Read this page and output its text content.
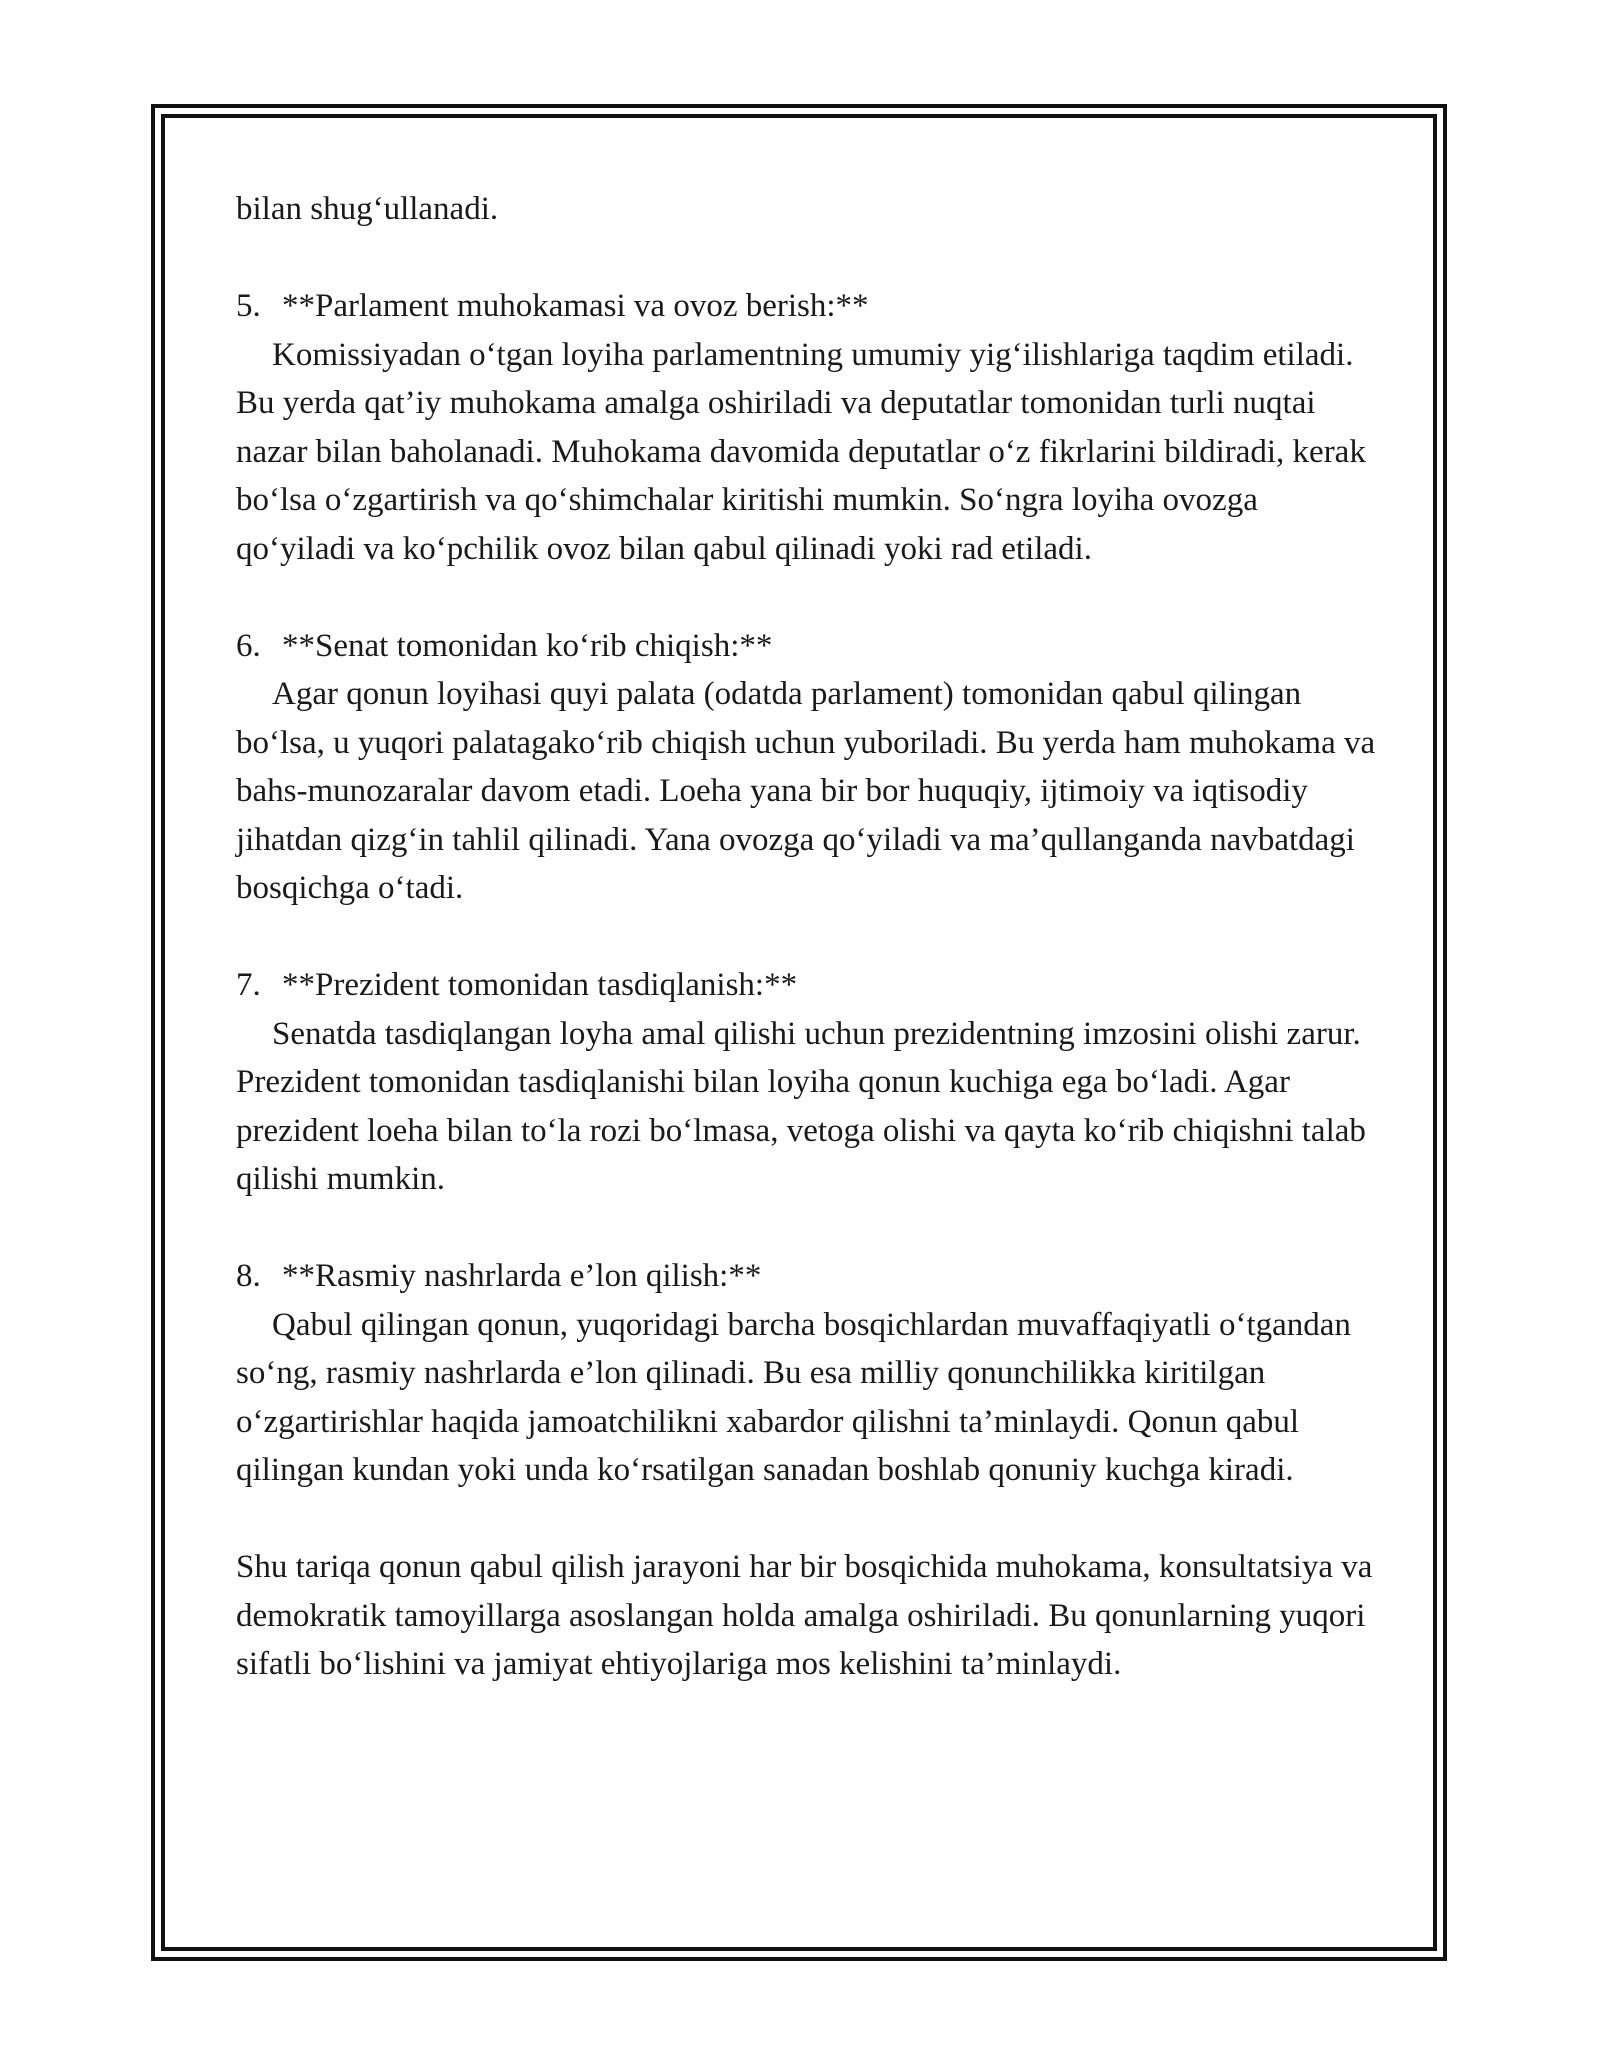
bilan shug‘ullanadi.

5. **Parlament muhokamasi va ovoz berish:**

Komissiyadan o‘tgan loyiha parlamentning umumiy yig‘ilishlariga taqdim etiladi. Bu yerda qat’iy muhokama amalga oshiriladi va deputatlar tomonidan turli nuqtai nazar bilan baholanadi. Muhokama davomida deputatlar o‘z fikrlarini bildiradi, kerak bo‘lsa o‘zgartirish va qo‘shimchalar kiritishi mumkin. So‘ngra loyiha ovozga qo‘yiladi va ko‘pchilik ovoz bilan qabul qilinadi yoki rad etiladi.

6. **Senat tomonidan ko‘rib chiqish:**

Agar qonun loyihasi quyi palata (odatda parlament) tomonidan qabul qilingan bo‘lsa, u yuqori palatagako‘rib chiqish uchun yuboriladi. Bu yerda ham muhokama va bahs-munozaralar davom etadi. Loeha yana bir bor huquqiy, ijtimoiy va iqtisodiy jihatdan qizg‘in tahlil qilinadi. Yana ovozga qo‘yiladi va ma’qullanganda navbatdagi bosqichga o‘tadi.

7. **Prezident tomonidan tasdiqlanish:**

Senatda tasdiqlangan loyha amal qilishi uchun prezidentning imzosini olishi zarur. Prezident tomonidan tasdiqlanishi bilan loyiha qonun kuchiga ega bo‘ladi. Agar prezident loeha bilan to‘la rozi bo‘lmasa, vetoga olishi va qayta ko‘rib chiqishni talab qilishi mumkin.

8. **Rasmiy nashrlarda e’lon qilish:**

Qabul qilingan qonun, yuqoridagi barcha bosqichlardan muvaffaqiyatli o‘tgandan so‘ng, rasmiy nashrlarda e’lon qilinadi. Bu esa milliy qonunchilikka kiritilgan o‘zgartirishlar haqida jamoatchilikni xabardor qilishni ta’minlaydi. Qonun qabul qilingan kundan yoki unda ko‘rsatilgan sanadan boshlab qonuniy kuchga kiradi.

Shu tariqa qonun qabul qilish jarayoni har bir bosqichida muhokama, konsultatsiya va demokratik tamoyillarga asoslangan holda amalga oshiriladi. Bu qonunlarning yuqori sifatli bo‘lishini va jamiyat ehtiyojlariga mos kelishini ta’minlaydi.
